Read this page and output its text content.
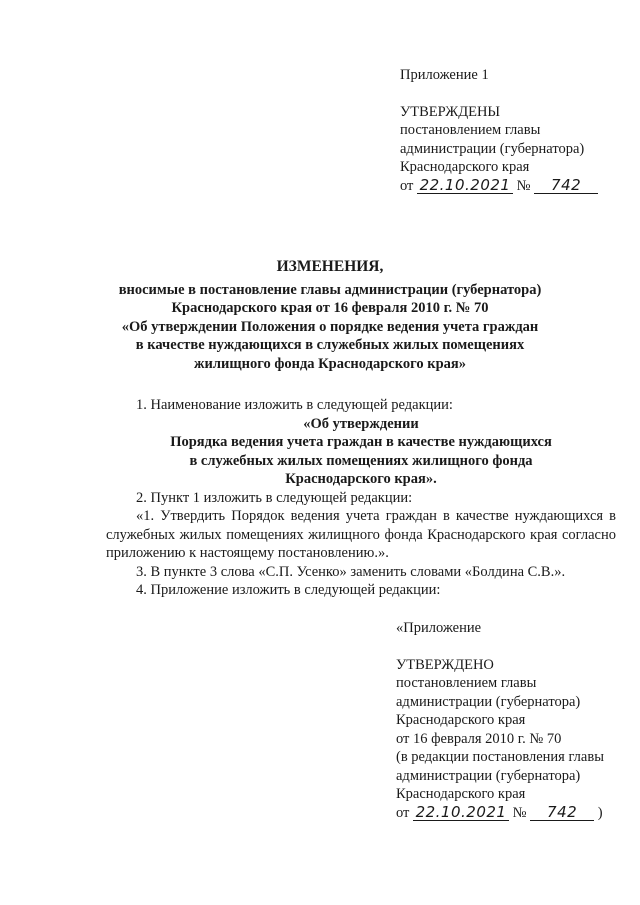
Приложение 1
УТВЕРЖДЕНЫ
постановлением главы
администрации (губернатора)
Краснодарского края
от 22.10.2021 № 742
ИЗМЕНЕНИЯ,
вносимые в постановление главы администрации (губернатора)
Краснодарского края от 16 февраля 2010 г. № 70
«Об утверждении Положения о порядке ведения учета граждан
в качестве нуждающихся в служебных жилых помещениях
жилищного фонда Краснодарского края»
1. Наименование изложить в следующей редакции:
«Об утверждении
Порядка ведения учета граждан в качестве нуждающихся
в служебных жилых помещениях жилищного фонда
Краснодарского края».
2. Пункт 1 изложить в следующей редакции:
«1. Утвердить Порядок ведения учета граждан в качестве нуждающихся в служебных жилых помещениях жилищного фонда Краснодарского края согласно приложению к настоящему постановлению.».
3. В пункте 3 слова «С.П. Усенко» заменить словами «Болдина С.В.».
4. Приложение изложить в следующей редакции:
«Приложение
УТВЕРЖДЕНО
постановлением главы
администрации (губернатора)
Краснодарского края
от 16 февраля 2010 г. № 70
(в редакции постановления главы
администрации (губернатора)
Краснодарского края
от 22.10.2021 № 742 )
